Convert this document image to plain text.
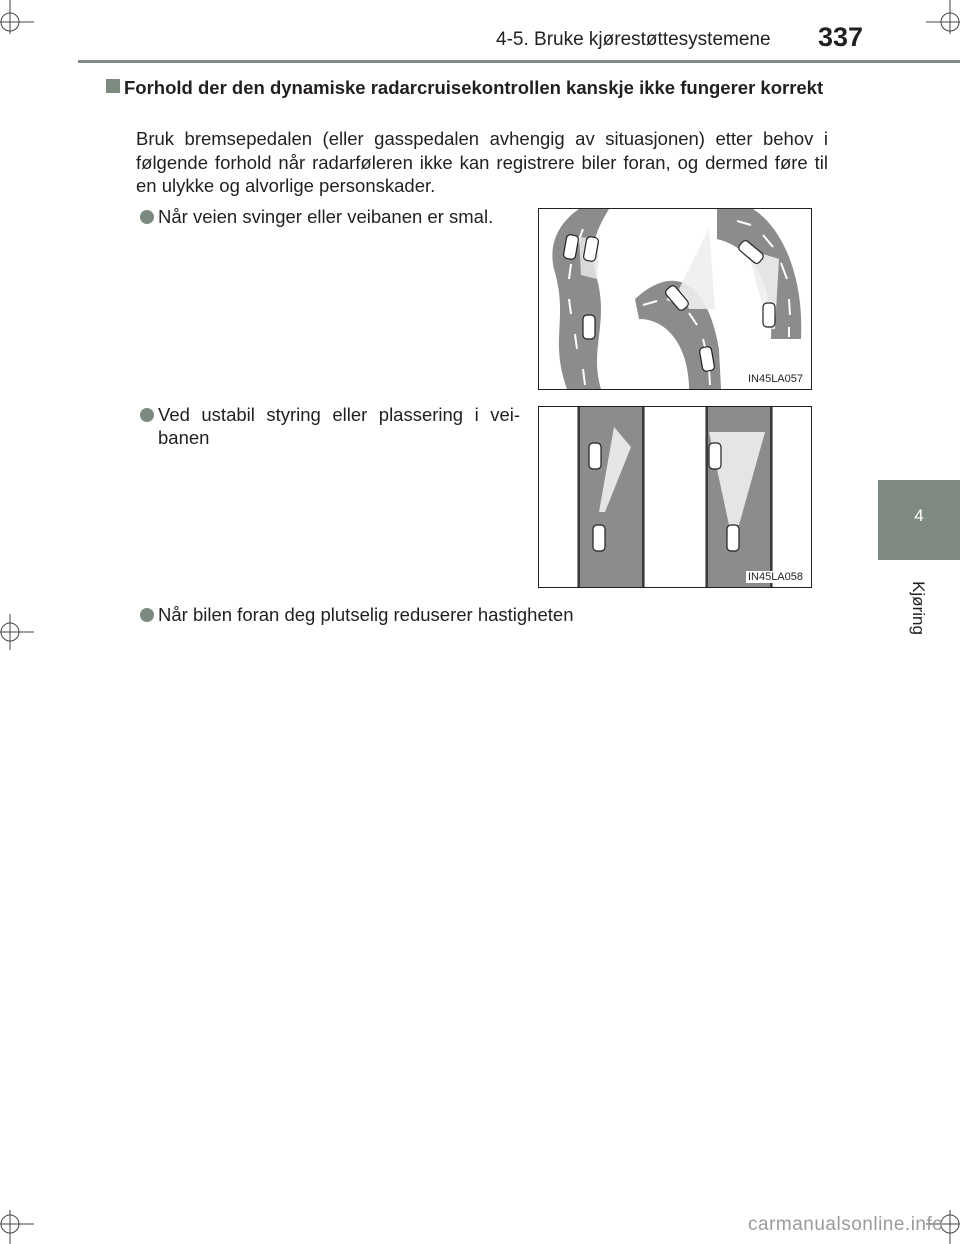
4-5. Bruke kjørestøttesystemene 337
4
Kjøring
Forhold der den dynamiske radarcruisekontrollen kanskje ikke fungerer korrekt
Bruk bremsepedalen (eller gasspedalen avhengig av situasjonen) etter behov i følgende forhold når radarføleren ikke kan registrere biler foran, og dermed føre til en ulykke og alvorlige personskader.
Når veien svinger eller veibanen er smal.
IN45LA057
Ved ustabil styring eller plassering i vei-banen
IN45LA058
Når bilen foran deg plutselig reduserer hastigheten
carmanualsonline.info
